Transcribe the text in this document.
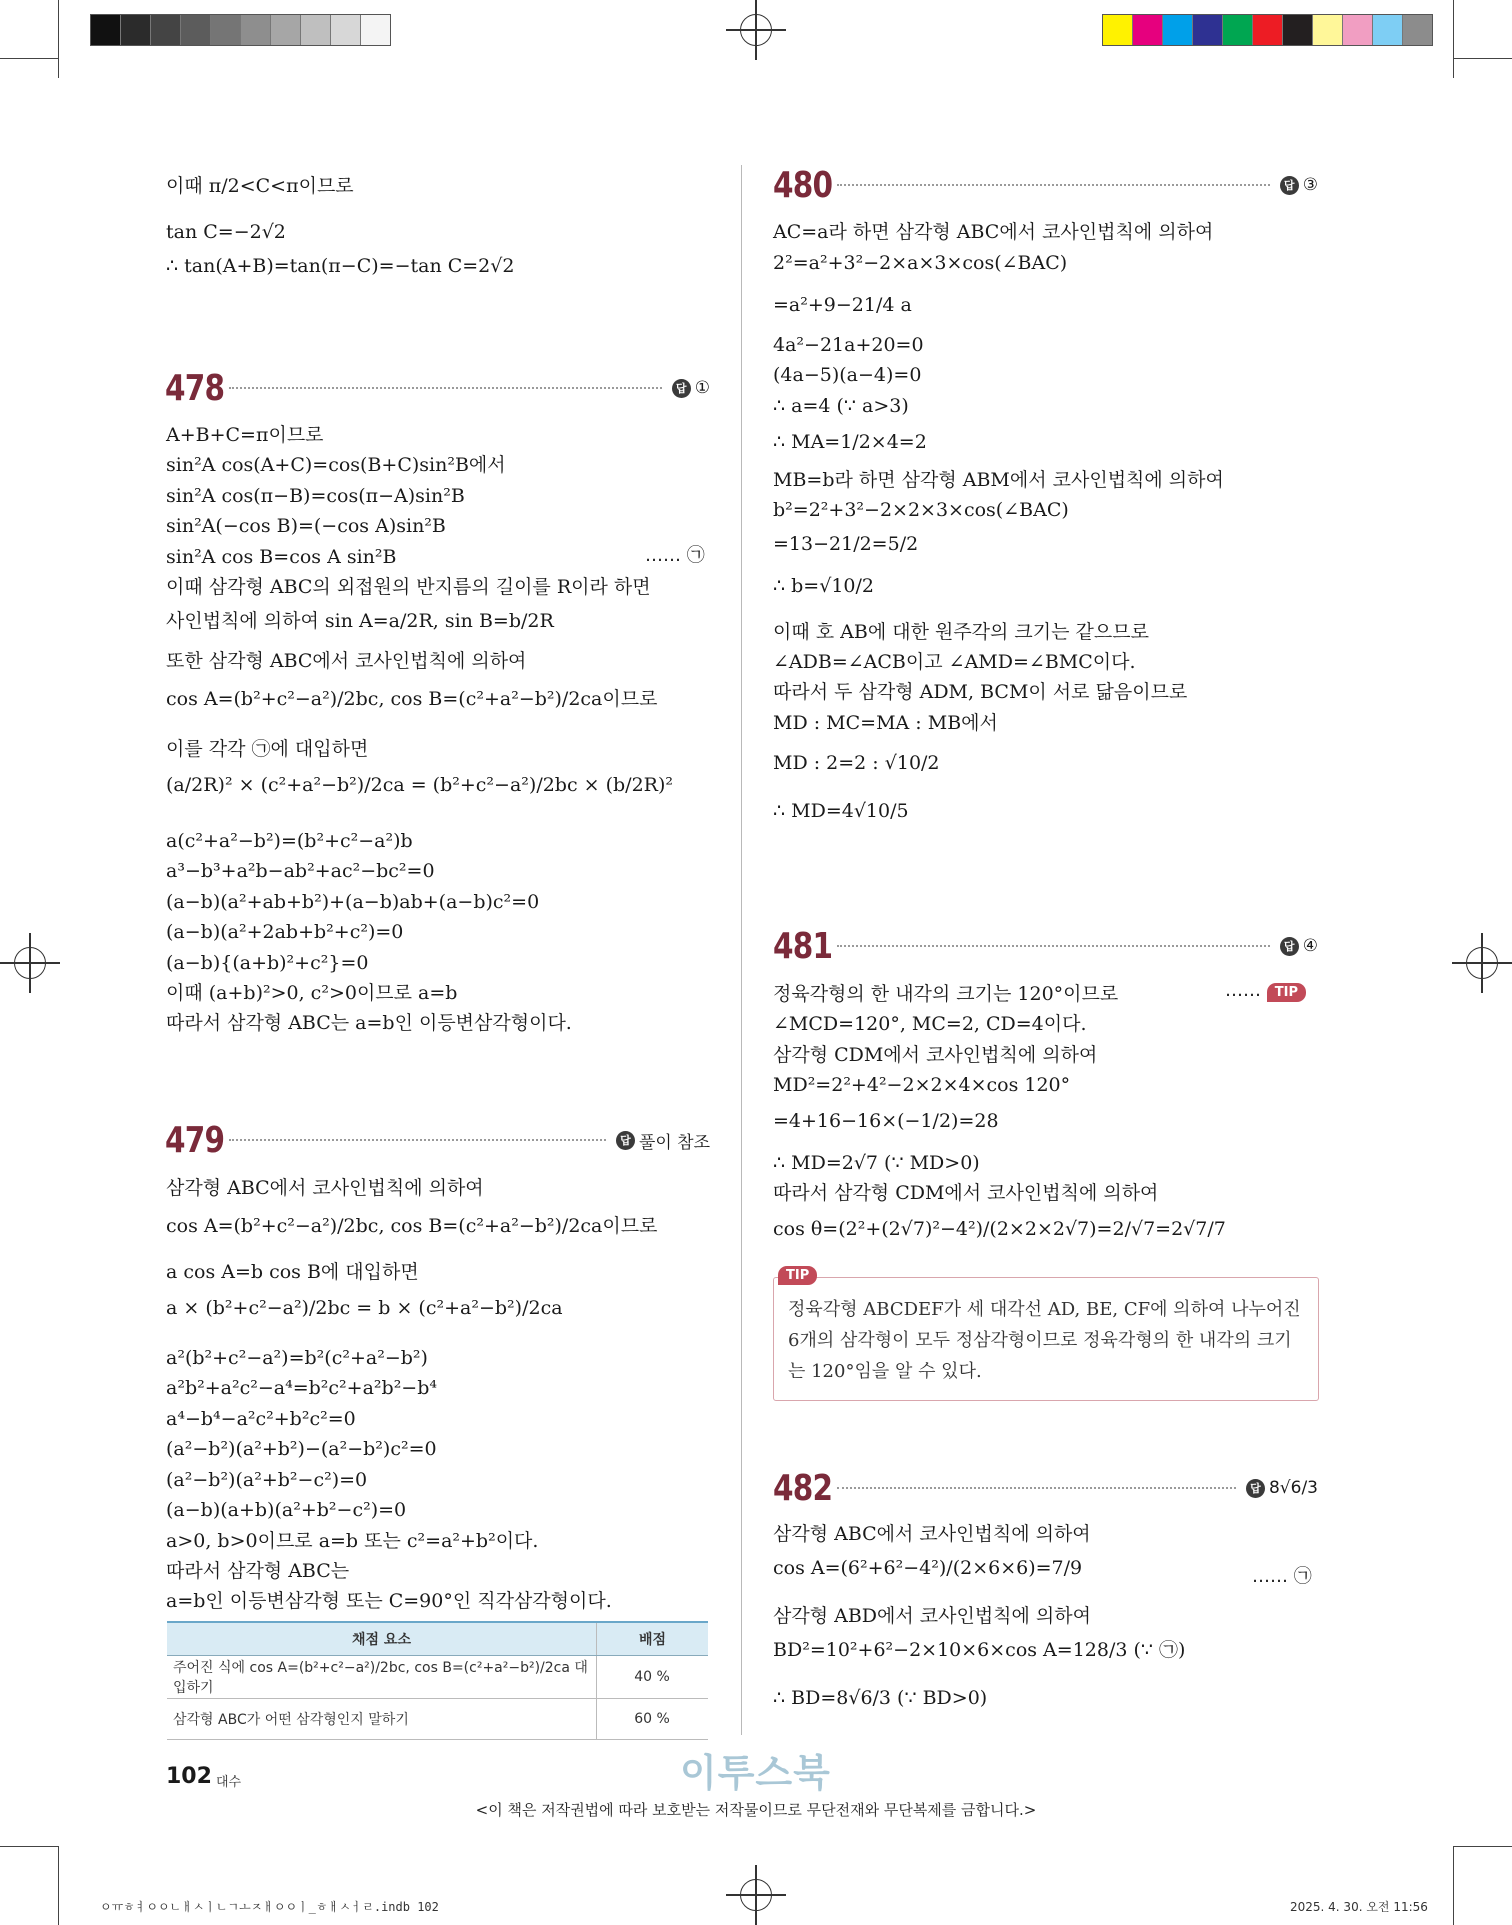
이때 π/2<C<π이므로
tan C=−2√2
∴ tan(A+B)=tan(π−C)=−tan C=2√2
478	답 ①
A+B+C=π이므로
sin²A cos(A+C)=cos(B+C)sin²B에서
sin²A cos(π−B)=cos(π−A)sin²B
sin²A(−cos B)=(−cos A)sin²B
sin²A cos B=cos A sin²B
이때 삼각형 ABC의 외접원의 반지름의 길이를 R이라 하면
사인법칙에 의하여 sin A=a/2R, sin B=b/2R
또한 삼각형 ABC에서 코사인법칙에 의하여
cos A=(b²+c²−a²)/2bc, cos B=(c²+a²−b²)/2ca이므로
이를 각각 ㉠에 대입하면
(a/2R)² × (c²+a²−b²)/2ca = (b²+c²−a²)/2bc × (b/2R)²
a(c²+a²−b²)=(b²+c²−a²)b
a³−b³+a²b−ab²+ac²−bc²=0
(a−b)(a²+ab+b²)+(a−b)ab+(a−b)c²=0
(a−b)(a²+2ab+b²+c²)=0
(a−b){(a+b)²+c²}=0
이때 (a+b)²>0, c²>0이므로 a=b
따라서 삼각형 ABC는 a=b인 이등변삼각형이다.
…… ㉠
479	답 풀이 참조
삼각형 ABC에서 코사인법칙에 의하여
cos A=(b²+c²−a²)/2bc, cos B=(c²+a²−b²)/2ca이므로
a cos A=b cos B에 대입하면
a × (b²+c²−a²)/2bc = b × (c²+a²−b²)/2ca
a²(b²+c²−a²)=b²(c²+a²−b²)
a²b²+a²c²−a⁴=b²c²+a²b²−b⁴
a⁴−b⁴−a²c²+b²c²=0
(a²−b²)(a²+b²)−(a²−b²)c²=0
(a²−b²)(a²+b²−c²)=0
(a−b)(a+b)(a²+b²−c²)=0
a>0, b>0이므로 a=b 또는 c²=a²+b²이다.
따라서 삼각형 ABC는
a=b인 이등변삼각형 또는 C=90°인 직각삼각형이다.
채점 요소	배점
주어진 식에 cos A=(b²+c²−a²)/2bc, cos B=(c²+a²−b²)/2ca 대입하기	40 %
삼각형 ABC가 어떤 삼각형인지 말하기	60 %
480	답 ③
AC=a라 하면 삼각형 ABC에서 코사인법칙에 의하여
2²=a²+3²−2×a×3×cos(∠BAC)
=a²+9−21/4 a
4a²−21a+20=0
(4a−5)(a−4)=0
∴ a=4 (∵ a>3)
∴ MA=1/2×4=2
MB=b라 하면 삼각형 ABM에서 코사인법칙에 의하여
b²=2²+3²−2×2×3×cos(∠BAC)
=13−21/2=5/2
∴ b=√10/2
이때 호 AB에 대한 원주각의 크기는 같으므로
∠ADB=∠ACB이고 ∠AMD=∠BMC이다.
따라서 두 삼각형 ADM, BCM이 서로 닮음이므로
MD : MC=MA : MB에서
MD : 2=2 : √10/2
∴ MD=4√10/5
481	답 ④
정육각형의 한 내각의 크기는 120°이므로
∠MCD=120°, MC=2, CD=4이다.
삼각형 CDM에서 코사인법칙에 의하여
MD²=2²+4²−2×2×4×cos 120°
=4+16−16×(−1/2)=28
∴ MD=2√7 (∵ MD>0)
따라서 삼각형 CDM에서 코사인법칙에 의하여
cos θ=(2²+(2√7)²−4²)/(2×2×2√7)=2/√7=2√7/7
…… TIP
TIP
정육각형 ABCDEF가 세 대각선 AD, BE, CF에 의하여 나누어진 6개의 삼각형이 모두 정삼각형이므로 정육각형의 한 내각의 크기는 120°임을 알 수 있다.
482	답 8√6/3
삼각형 ABC에서 코사인법칙에 의하여
cos A=(6²+6²−4²)/(2×6×6)=7/9
삼각형 ABD에서 코사인법칙에 의하여
BD²=10²+6²−2×10×6×cos A=128/3 (∵ ㉠)
∴ BD=8√6/3 (∵ BD>0)
…… ㉠
102 대수	이투스북
<이 책은 저작권법에 따라 보호받는 저작물이므로 무단전재와 무단복제를 금합니다.>
ㅇㅠㅎㅕㅇㅇㄴㅐㅅㅣㄴㄱㅗㅈㅐㅇㅇㅣ_ㅎㅐㅅㅓㄹ.indb 102	2025. 4. 30. 오전 11:56
